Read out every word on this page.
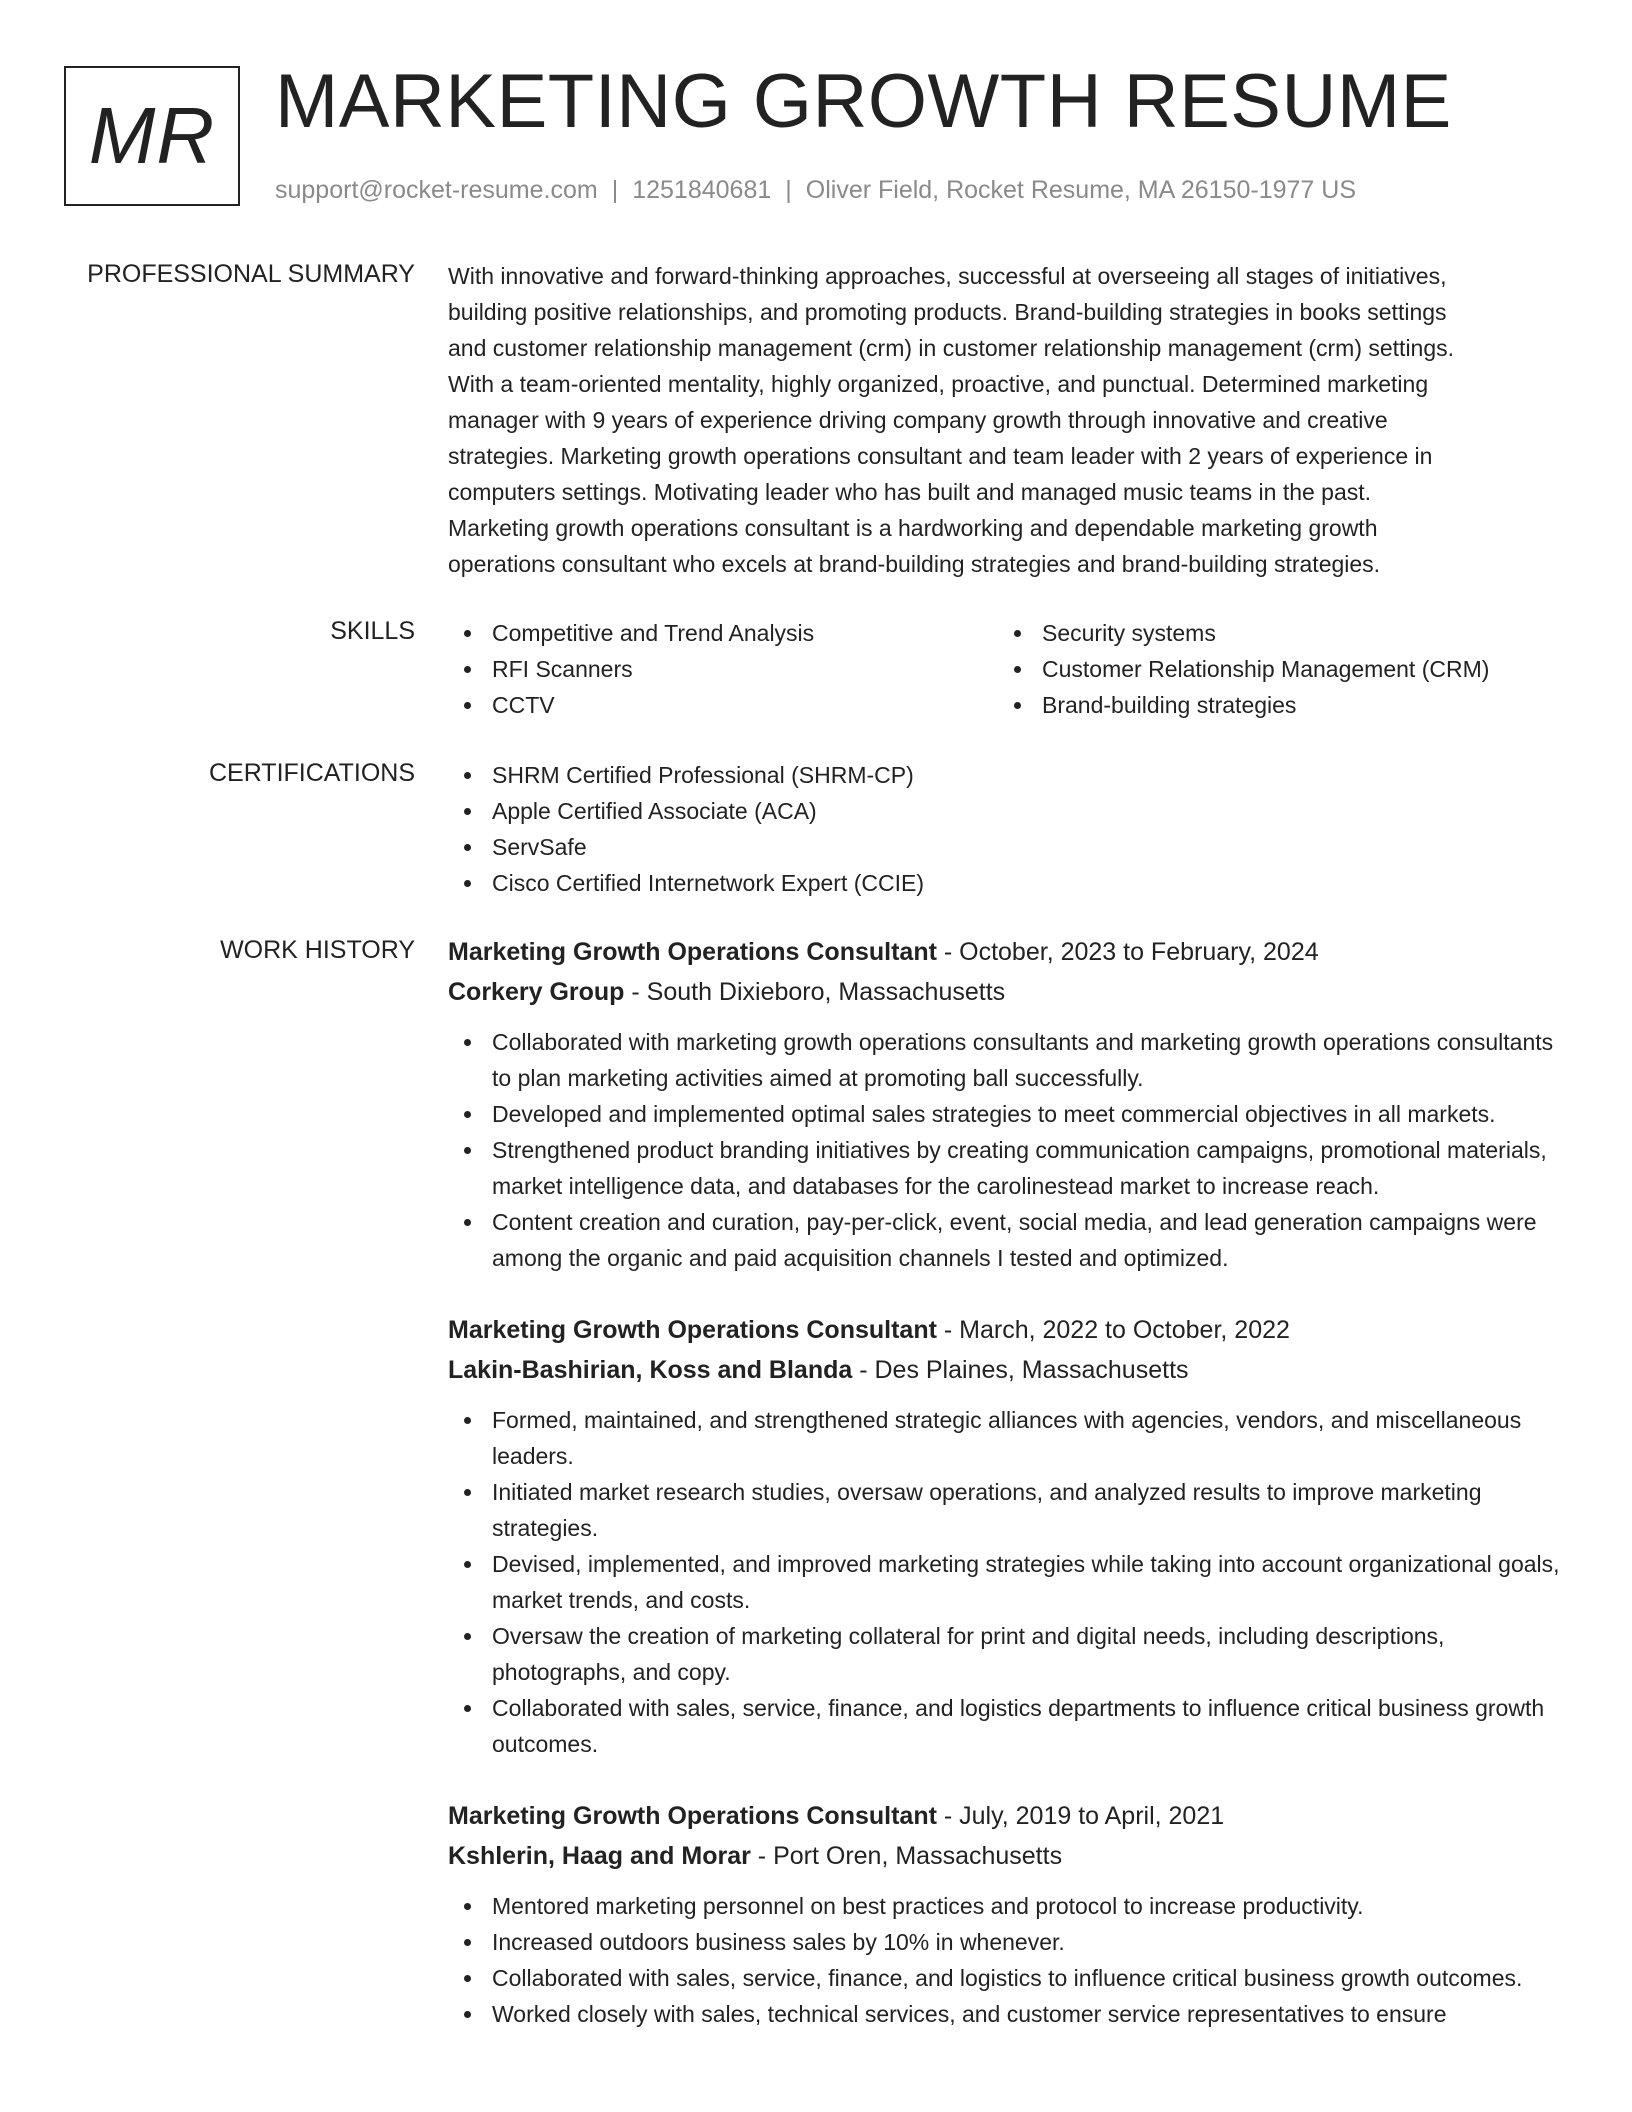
MR MARKETING GROWTH RESUME
support@rocket-resume.com | 1251840681 | Oliver Field, Rocket Resume, MA 26150-1977 US
PROFESSIONAL SUMMARY With innovative and forward-thinking approaches, successful at overseeing all stages of initiatives,
building positive relationships, and promoting products. Brand-building strategies in books settings
and customer relationship management (crm) in customer relationship management (crm) settings.
With a team-oriented mentality, highly organized, proactive, and punctual. Determined marketing
manager with 9 years of experience driving company growth through innovative and creative
strategies. Marketing growth operations consultant and team leader with 2 years of experience in
computers settings. Motivating leader who has built and managed music teams in the past.
Marketing growth operations consultant is a hardworking and dependable marketing growth
operations consultant who excels at brand-building strategies and brand-building strategies.

SKILLS	Competitive and Trend Analysis
RFI Scanners
CCTV
Security systems
Customer Relationship Management (CRM)
Brand-building strategies
CERTIFICATIONS	SHRM Certified Professional (SHRM-CP)
Apple Certified Associate (ACA)
ServSafe
Cisco Certified Internetwork Expert (CCIE)
WORK HISTORY Marketing Growth Operations Consultant - October, 2023 to February, 2024
Corkery Group - South Dixieboro, Massachusetts
Collaborated with marketing growth operations consultants and marketing growth operations consultants to plan marketing activities aimed at promoting ball successfully.
Developed and implemented optimal sales strategies to meet commercial objectives in all markets.
Strengthened product branding initiatives by creating communication campaigns, promotional materials, market intelligence data, and databases for the carolinestead market to increase reach.
Content creation and curation, pay-per-click, event, social media, and lead generation campaigns were among the organic and paid acquisition channels I tested and optimized.
Marketing Growth Operations Consultant - March, 2022 to October, 2022
Lakin-Bashirian, Koss and Blanda - Des Plaines, Massachusetts
Formed, maintained, and strengthened strategic alliances with agencies, vendors, and miscellaneous leaders.
Initiated market research studies, oversaw operations, and analyzed results to improve marketing strategies.
Devised, implemented, and improved marketing strategies while taking into account organizational goals, market trends, and costs.
Oversaw the creation of marketing collateral for print and digital needs, including descriptions, photographs, and copy.
Collaborated with sales, service, finance, and logistics departments to influence critical business growth outcomes.
Marketing Growth Operations Consultant - July, 2019 to April, 2021
Kshlerin, Haag and Morar - Port Oren, Massachusetts
Mentored marketing personnel on best practices and protocol to increase productivity.
Increased outdoors business sales by 10% in whenever.
Collaborated with sales, service, finance, and logistics to influence critical business growth outcomes.
Worked closely with sales, technical services, and customer service representatives to ensure
